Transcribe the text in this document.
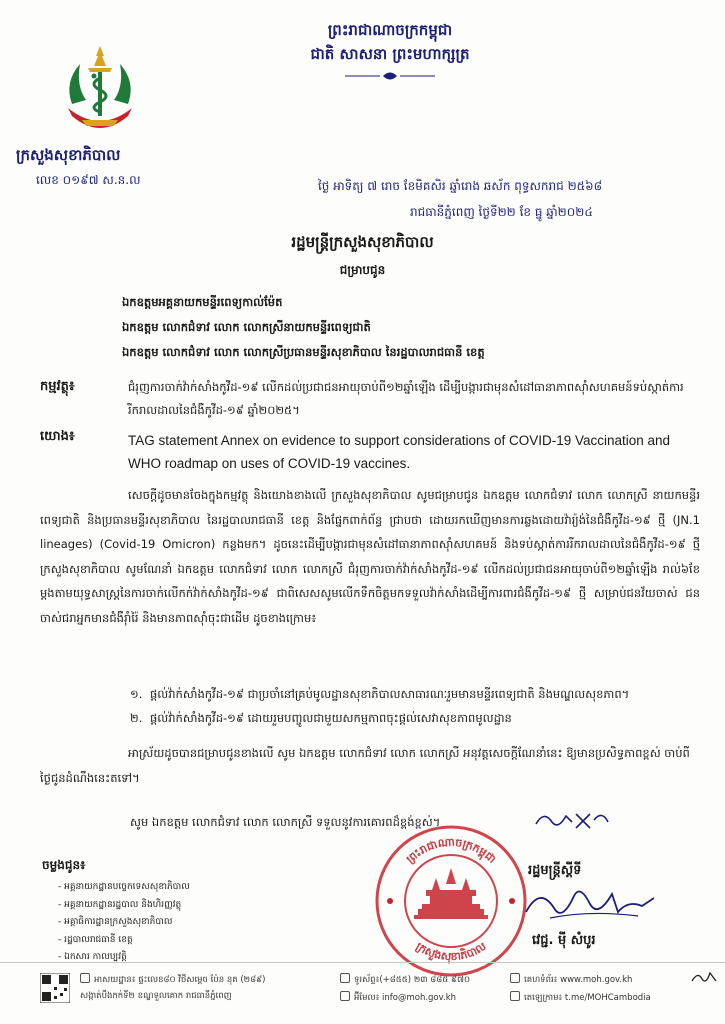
ក្រសួងសុខាភិបាល
លេខ ០១៩៧ ស.ន.ល
ព្រះរាជាណាចក្រកម្ពុជា
ជាតិ សាសនា ព្រះមហាក្សត្រ
ថ្ងៃ អាទិត្យ ៧ រោច ខែមិគសិរ ឆ្នាំរោង ឆស័ក ពុទ្ធសករាជ ២៥៦៨
រាជធានីភ្នំពេញ ថ្ងៃទី២២ ខែ ធ្នូ ឆ្នាំ២០២៤
រដ្ឋមន្ត្រីក្រសួងសុខាភិបាល
ជម្រាបជូន
ឯកឧត្តមអគ្គនាយកមន្ទីរពេទ្យកាល់ម៉ែត
ឯកឧត្តម លោកជំទាវ លោក លោកស្រីនាយកមន្ទីរពេទ្យជាតិ
ឯកឧត្តម លោកជំទាវ លោក លោកស្រីប្រធានមន្ទីរសុខាភិបាល នៃរដ្ឋបាលរាជធានី ខេត្ត
កម្មវត្ថុ៖	ជំរុញការចាក់វ៉ាក់សាំងកូវីដ-១៩ លើកដល់ប្រជាជនអាយុចាប់ពី១២ឆ្នាំឡើង ដើម្បីបង្ការជាមុនសំដៅធានាភាពស៊ាំសហគមន៍ទប់ស្កាត់ការរីករាលដាលនៃជំងឺកូវីដ-១៩ ឆ្នាំ២០២៥។
យោង៖	TAG statement Annex on evidence to support considerations of COVID-19 Vaccination and WHO roadmap on uses of COVID-19 vaccines.
សេចក្តីដូចមានចែងក្នុងកម្មវត្ថុ និងយោងខាងលើ ក្រសួងសុខាភិបាល សូមជម្រាបជូន ឯកឧត្តម លោកជំទាវ លោក លោកស្រី នាយកមន្ទីរពេទ្យជាតិ និងប្រធានមន្ទីរសុខាភិបាល នៃរដ្ឋបាលរាជធានី ខេត្ត និងផ្នែកពាក់ព័ន្ធ ជ្រាបថា ដោយរកឃើញមានការឆ្លងដោយវ៉ារ្យ៉ង់នៃជំងឺកូវីដ-១៩ ថ្មី (JN.1 lineages) (Covid-19 Omicron) កន្លងមក។ ដូចនេះដើម្បីបង្ការជាមុនសំដៅធានាភាពស៊ាំសហគមន៍ និងទប់ស្កាត់ការរីករាលដាលនៃជំងឺកូវីដ-១៩ ថ្មី ក្រសួងសុខាភិបាល សូមណែនាំ ឯកឧត្តម លោកជំទាវ លោក លោកស្រី ជំរុញការចាក់វ៉ាក់សាំងកូវីដ-១៩ លើកដល់ប្រជាជនអាយុចាប់ពី១២ឆ្នាំឡើង រាល់៦ខែម្តងតាមយុទ្ធសាស្ត្រនៃការចាក់លើកក់វ៉ាក់សាំងកូវីដ-១៩ ជាពិសេសសូមលើកទឹកចិត្តមកទទួលវ៉ាក់សាំងដើម្បីការពារជំងឺកូវីដ-១៩ ថ្មី សម្រាប់ជនវ័យចាស់ ជនចាស់ជរាអ្នកមានជំងឺរ៉ាំរ៉ៃ និងមានភាពស៊ាំចុះជាដើម ដូចខាងក្រោម៖
១. ផ្តល់វ៉ាក់សាំងកូវីដ-១៩ ជាប្រចាំនៅគ្រប់មូលដ្ឋានសុខាភិបាលសាធារណៈរួមមានមន្ទីរពេទ្យជាតិ និងមណ្ឌលសុខភាព។
២. ផ្តល់វ៉ាក់សាំងកូវីដ-១៩ ដោយរួមបញ្ចូលជាមួយសកម្មភាពចុះផ្តល់សេវាសុខភាពមូលដ្ឋាន
អាស្រ័យដូចបានជម្រាបជូនខាងលើ សូម ឯកឧត្តម លោកជំទាវ លោក លោកស្រី អនុវត្តសេចក្តីណែនាំនេះ ឱ្យមានប្រសិទ្ធភាពខ្ពស់ ចាប់ពីថ្ងៃជូនដំណឹងនេះតទៅ។
សូម ឯកឧត្តម លោកជំទាវ លោក លោកស្រី ទទួលនូវការគោរពដ៏ខ្ពង់ខ្ពស់។
ព្រះរាជាណាចក្រកម្ពុជា
ក្រសួងសុខាភិបាល
រដ្ឋមន្ត្រីស្តីទី
វេជ្ជ. ម៉ី សំបូរ
ចម្លងជូន៖
- អគ្គនាយកដ្ឋានបច្ចេកទេសសុខាភិបាល
- អគ្គនាយកដ្ឋានរដ្ឋបាល និងហិរញ្ញវត្ថុ
- អគ្គាធិការដ្ឋានក្រសួងសុខាភិបាល
- រដ្ឋបាលរាជធានី ខេត្ត
- ឯកសារ កាលប្បវត្តិ
អាសយដ្ឋាន៖ ផ្ទះលេខ៨០ វិថីសម្តេច ប៉ែន នុត (២៨៩)
សង្កាត់បឹងកក់ទី២ ខណ្ឌទួលគោក រាជធានីភ្នំពេញ
ទូរស័ព្ទ៖(+៨៥៥) ២៣ ៨៨៥ ៩៧០
អ៊ីមែល៖ info@moh.gov.kh
គេហទំព័រ៖ www.moh.gov.kh
តេឡេក្រាម៖ t.me/MOHCambodia
